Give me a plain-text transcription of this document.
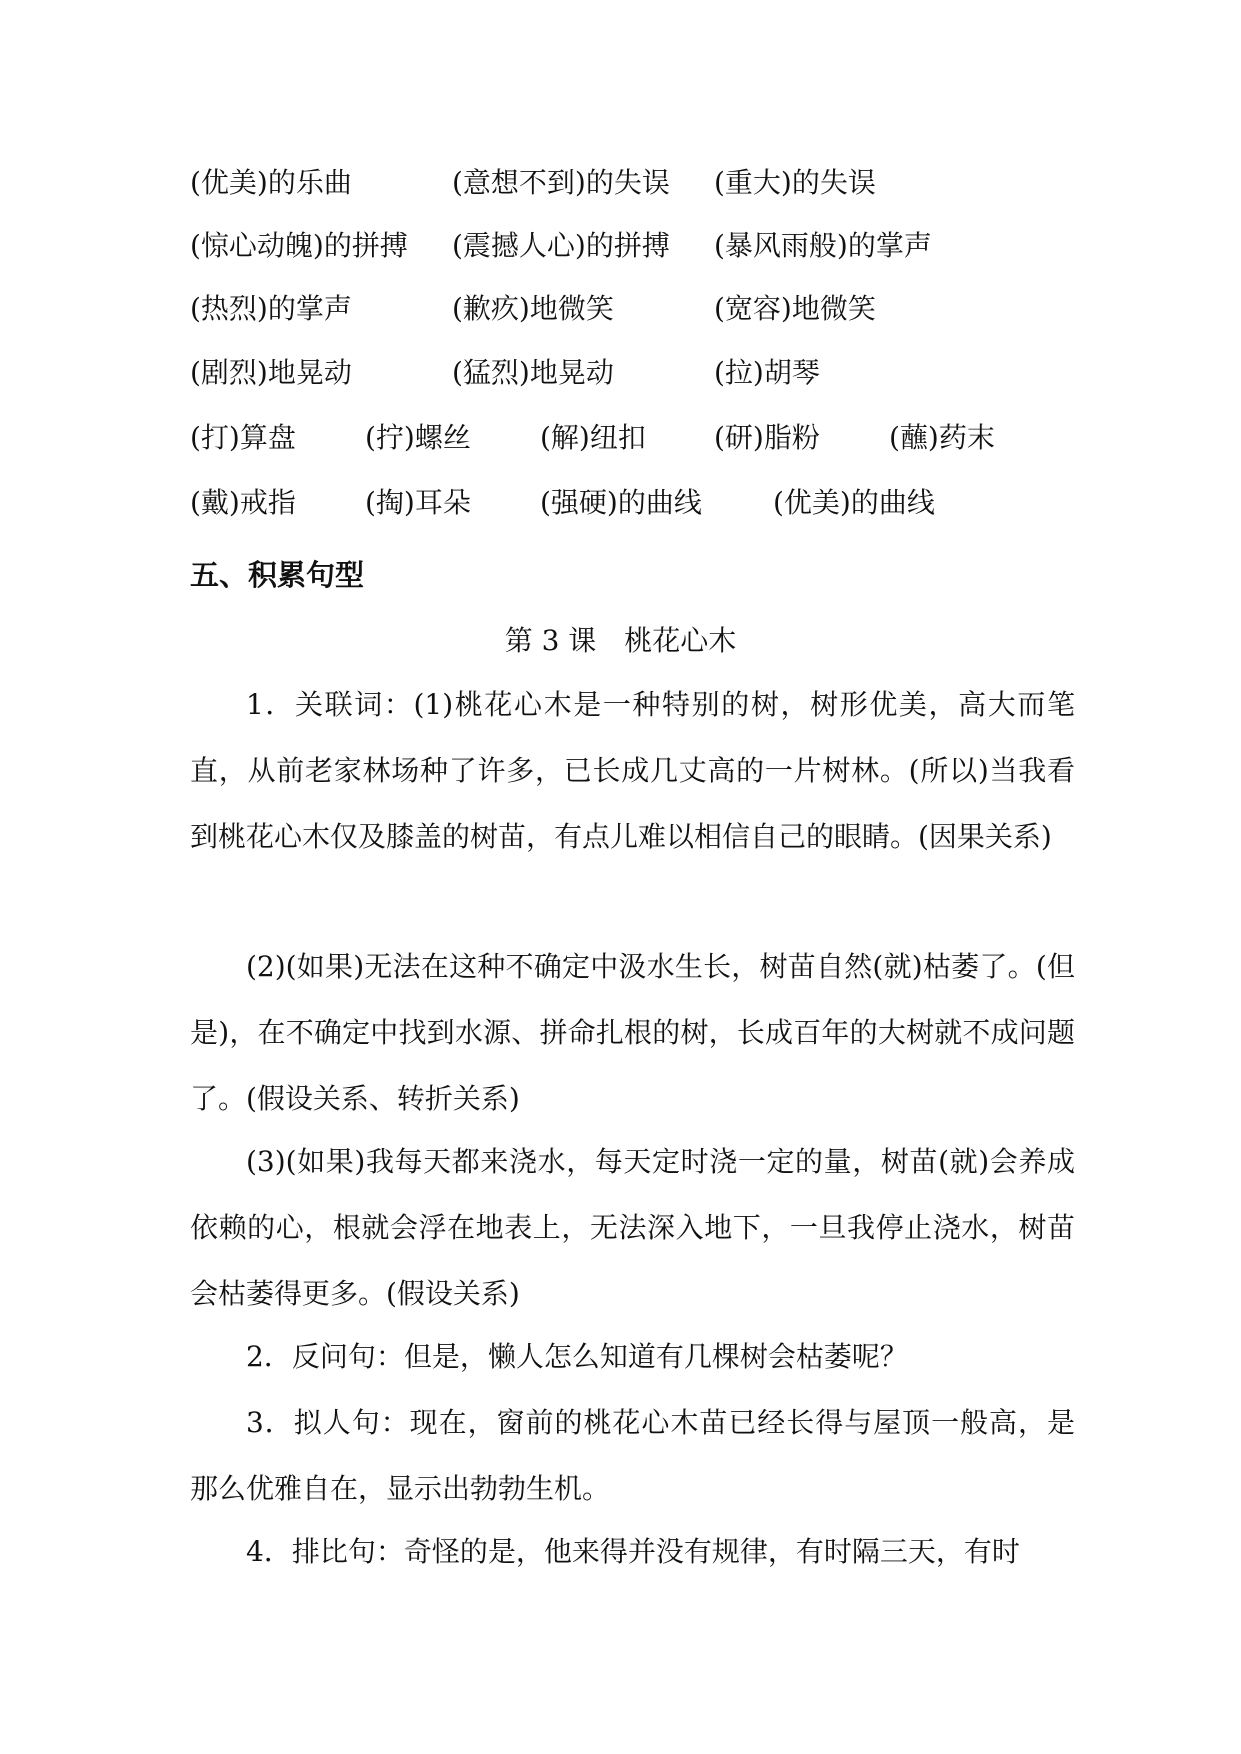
(优美)的乐曲	(意想不到)的失误 (重大)的失误
(惊心动魄)的拼搏 (震撼人心)的拼搏 (暴风雨般)的掌声
(热烈)的掌声	(歉疚)地微笑	(宽容)地微笑
(剧烈)地晃动	(猛烈)地晃动	(拉)胡琴
(打)算盘 (拧)螺丝 (解)纽扣 (研)脂粉 (蘸)药末
(戴)戒指 (掏)耳朵 (强硬)的曲线	(优美)的曲线
五、积累句型
第 3 课　桃花心木

1．关联词：(1)桃花心木是一种特别的树，树形优美，高大而笔直，从前老家林场种了许多，已长成几丈高的一片树林。(所以)当我看到桃花心木仅及膝盖的树苗，有点儿难以相信自己的眼睛。(因果关系)

(2)(如果)无法在这种不确定中汲水生长，树苗自然(就)枯萎了。(但是)，在不确定中找到水源、拼命扎根的树，长成百年的大树就不成问题了。(假设关系、转折关系)

(3)(如果)我每天都来浇水，每天定时浇一定的量，树苗(就)会养成依赖的心，根就会浮在地表上，无法深入地下，一旦我停止浇水，树苗会枯萎得更多。(假设关系)

2．反问句：但是，懒人怎么知道有几棵树会枯萎呢？

3．拟人句：现在，窗前的桃花心木苗已经长得与屋顶一般高，是那么优雅自在，显示出勃勃生机。

4．排比句：奇怪的是，他来得并没有规律，有时隔三天，有时
